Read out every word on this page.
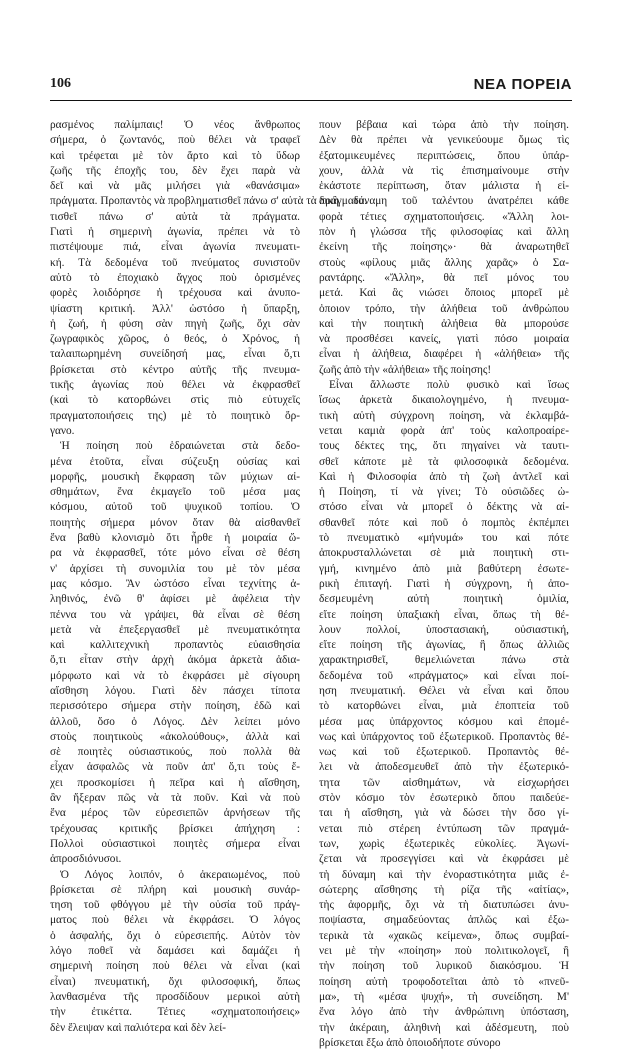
106	ΝΕΑ ΠΟΡΕΙΑ
ρασμένος παλίμπαις! Ὁ νέος ἄνθρωπος
σήμερα, ὁ ζωντανός, ποὺ θέλει νὰ τραφεῖ
καὶ τρέφεται μὲ τὸν ἄρτο καὶ τὸ ὕδωρ
ζωῆς τῆς ἐποχῆς του, δὲν ἔχει παρὰ νὰ
δεῖ καὶ νὰ μᾶς μιλήσει γιὰ «θανάσιμα»
πράγματα. Προπαντὸς νὰ προβληματισθεῖ πάνω σ' αὐτὰ τὰ πράγματα.
τισθεῖ πάνω σ' αὐτὰ τὰ πράγματα.
Γιατὶ ἡ σημερινὴ ἀγωνία, πρέπει νὰ τὸ
πιστέψουμε πιά, εἶναι ἀγωνία πνευματι-
κή. Τὰ δεδομένα τοῦ πνεύματος συνιστοῦν
αὐτὸ τὸ ἐποχιακὸ ἄγχος ποὺ ὁρισμένες
φορὲς λοιδόρησε ἡ τρέχουσα καὶ ἀνυπο-
ψίαστη κριτική. Ἀλλ' ὡστόσο ἡ ὕπαρξη,
ἡ ζωή, ἡ φύση σὰν πηγὴ ζωῆς, ὄχι σὰν
ζωγραφικὸς χῶρος, ὁ θεός, ὁ Χρόνος, ἡ
ταλαιπωρημένη συνείδησή μας, εἶναι ὅ,τι
βρίσκεται στὸ κέντρο αὐτῆς τῆς πνευμα-
τικῆς ἀγωνίας ποὺ θέλει νὰ ἐκφρασθεῖ
(καὶ τὸ κατορθώνει στὶς πιὸ εὐτυχεῖς
πραγματοποιήσεις της) μὲ τὸ ποιητικὸ ὄρ-
γανο.
Ἡ ποίηση ποὺ ἑδραιώνεται στὰ δεδο-
μένα ἐτοῦτα, εἶναι σύζευξη οὐσίας καὶ
μορφῆς, μουσικὴ ἔκφραση τῶν μύχιων αἰ-
σθημάτων, ἕνα ἐκμαγεῖο τοῦ μέσα μας
κόσμου, αὐτοῦ τοῦ ψυχικοῦ τοπίου. Ὁ
ποιητὴς σήμερα μόνον ὅταν θὰ αἰσθανθεῖ
ἕνα βαθὺ κλονισμὸ ὅτι ἦρθε ἡ μοιραία ὥ-
ρα νὰ ἐκφρασθεῖ, τότε μόνο εἶναι σὲ θέση
ν' ἀρχίσει τὴ συνομιλία του μὲ τὸν μέσα
μας κόσμο. Ἂν ὡστόσο εἶναι τεχνίτης ἀ-
ληθινός, ἐνῶ θ' ἀφίσει μὲ ἀφέλεια τὴν
πέννα του νὰ γράψει, θὰ εἶναι σὲ θέση
μετὰ νὰ ἐπεξεργασθεῖ μὲ πνευματικότητα
καὶ καλλιτεχνικὴ προπαντὸς εὐαισθησία
ὅ,τι εἶταν στὴν ἀρχὴ ἀκόμα ἀρκετὰ ἀδια-
μόρφωτο καὶ νὰ τὸ ἐκφράσει μὲ σίγουρη
αἴσθηση λόγου. Γιατὶ δὲν πάσχει τίποτα
περισσότερο σήμερα στὴν ποίηση, ἐδῶ καὶ
ἀλλοῦ, ὅσο ὁ Λόγος. Δὲν λείπει μόνο
στοὺς ποιητικοὺς «ἀκολούθους», ἀλλὰ καὶ
σὲ ποιητὲς οὐσιαστικούς, ποὺ πολλὰ θὰ
εἶχαν ἀσφαλῶς νὰ ποῦν ἀπ' ὅ,τι τοὺς ἔ-
χει προσκομίσει ἡ πεῖρα καὶ ἡ αἴσθηση,
ἂν ἤξεραν πῶς νὰ τὰ ποῦν. Καὶ νὰ ποὺ
ἕνα μέρος τῶν εὐρεσιεπῶν ἀρνήσεων τῆς
τρέχουσας κριτικῆς βρίσκει ἀπήχηση :
Πολλοὶ οὐσιαστικοὶ ποιητὲς σήμερα εἶναι
ἀπροσδιόνυσοι.
Ὁ Λόγος λοιπόν, ὁ ἀκεραιωμένος, ποὺ
βρίσκεται σὲ πλήρη καὶ μουσικὴ συνάρ-
τηση τοῦ φθόγγου μὲ τὴν οὐσία τοῦ πράγ-
ματος ποὺ θέλει νὰ ἐκφράσει. Ὁ λόγος
ὁ ἀσφαλής, ὄχι ὁ εὐρεσιεπής. Αὐτὸν τὸν
λόγο ποθεῖ νὰ δαμάσει καὶ δαμάζει ἡ
σημερινὴ ποίηση ποὺ θέλει νὰ εἶναι (καὶ
εἶναι) πνευματική, ὄχι φιλοσοφική, ὅπως
λανθασμένα τῆς προσδίδουν μερικοὶ αὐτὴ
τὴν ἐτικέττα. Τέτιες «σχηματοποιήσεις»
δὲν ἔλειψαν καὶ παλιότερα καὶ δὲν λεί-
πουν βέβαια καὶ τώρα ἀπὸ τὴν ποίηση.
Δὲν θὰ πρέπει νὰ γενικεύουμε ὅμως τὶς
ἐξατομικευμένες περιπτώσεις, ὅπου ὑπάρ-
χουν, ἀλλὰ νὰ τὶς ἐπισημαίνουμε στὴν
ἑκάστοτε περίπτωση, ὅταν μάλιστα ἡ εἰ-
δικὴ δύναμη τοῦ ταλέντου ἀνατρέπει κάθε
φορὰ τέτιες σχηματοποιήσεις. «Ἄλλη λοι-
πὸν ἡ γλώσσα τῆς φιλοσοφίας καὶ ἄλλη
ἐκείνη τῆς ποίησης»· θὰ ἀναρωτηθεῖ
στοὺς «φίλους μιᾶς ἄλλης χαρᾶς» ὁ Σα-
ραντάρης. «Ἄλλη», θὰ πεῖ μόνος του
μετά. Καὶ ἂς νιώσει ὅποιος μπορεῖ μὲ
ὁποιον τρόπο, τὴν ἀλήθεια τοῦ ἀνθρώπου
καὶ τὴν ποιητικὴ ἀλήθεια θὰ μπορούσε
νὰ προσθέσει κανείς, γιατὶ πόσο μοιραία
εἶναι ἡ ἀλήθεια, διαφέρει ἡ «ἀλήθεια» τῆς
ζωῆς ἀπὸ τὴν «ἀλήθεια» τῆς ποίησης!
Εἶναι ἄλλωστε πολὺ φυσικὸ καὶ ἴσως
ἴσως ἀρκετὰ δικαιολογημένο, ἡ πνευμα-
τικὴ αὐτὴ σύγχρονη ποίηση, νὰ ἐκλαμβά-
νεται καμιὰ φορὰ ἀπ' τοὺς καλοπροαίρε-
τους δέκτες της, ὅτι πηγαίνει νὰ ταυτι-
σθεῖ κάποτε μὲ τὰ φιλοσοφικὰ δεδομένα.
Καὶ ἡ Φιλοσοφία ἀπὸ τὴ ζωὴ ἀντλεῖ καὶ
ἡ Ποίηση, τί νὰ γίνει; Τὸ οὐσιῶδες ὡ-
στόσο εἶναι νὰ μπορεῖ ὁ δέκτης νὰ αἰ-
σθανθεῖ πότε καὶ ποῦ ὁ πομπὸς ἐκπέμπει
τὸ πνευματικὸ «μήνυμά» του καὶ πότε
ἀποκρυσταλλώνεται σὲ μιὰ ποιητικὴ στι-
γμή, κινημένο ἀπὸ μιὰ βαθύτερη ἐσωτε-
ρικὴ ἐπιταγή. Γιατὶ ἡ σύγχρονη, ἡ ἀπο-
δεσμευμένη αὐτὴ ποιητικὴ ὁμιλία,
εἴτε ποίηση ὑπαξιακὴ εἶναι, ὅπως τὴ θέ-
λουν πολλοί, ὑποστασιακή, οὐσιαστική,
εἴτε ποίηση τῆς ἀγωνίας, ἢ ὅπως ἀλλιῶς
χαρακτηρισθεῖ, θεμελιώνεται πάνω στὰ
δεδομένα τοῦ «πράγματος» καὶ εἶναι ποί-
ηση πνευματική. Θέλει νὰ εἶναι καὶ ὅπου
τὸ κατορθώνει εἶναι, μιὰ ἐποπτεία τοῦ
μέσα μας ὑπάρχοντος κόσμου καὶ ἐπομέ-
νως καὶ ὑπάρχοντος τοῦ ἐξωτερικοῦ. Προπαντὸς θέ-
νως καὶ τοῦ ἐξωτερικοῦ. Προπαντὸς θέ-
λει νὰ ἀποδεσμευθεῖ ἀπὸ τὴν ἐξωτερικό-
τητα τῶν αἰσθημάτων, νὰ εἰσχωρήσει
στὸν κόσμο τὸν ἐσωτερικὸ ὅπου παιδεύε-
ται ἡ αἴσθηση, γιὰ νὰ δώσει τὴν ὅσο γί-
νεται πιὸ στέρεη ἐντύπωση τῶν πραγμά-
των, χωρὶς ἐξωτερικὲς εὐκολίες. Ἀγωνί-
ζεται νὰ προσεγγίσει καὶ νὰ ἐκφράσει μὲ
τὴ δύναμη καὶ τὴν ἐνοραστικότητα μιᾶς ἐ-
σώτερης αἴσθησης τὴ ρίζα τῆς «αἰτίας»,
τὴς ἀφορμῆς, ὄχι νὰ τὴ διατυπώσει ἀνυ-
ποψίαστα, σημαδεύοντας ἁπλῶς καὶ ἐξω-
τερικὰ τὰ «χακῶς κείμενα», ὅπως συμβαί-
νει μὲ τὴν «ποίηση» ποὺ πολιτικολογεῖ, ἢ
τὴν ποίηση τοῦ λυρικοῦ διακόσμου. Ἡ
ποίηση αὐτὴ τροφοδοτεῖται ἀπὸ τὸ «πνεῦ-
μα», τὴ «μέσα ψυχή», τὴ συνείδηση. Μ'
ἕνα λόγο ἀπὸ τὴν ἀνθρώπινη ὑπόσταση,
τὴν ἀκέραιη, ἀληθινὴ καὶ ἀδέσμευτη, ποὺ
βρίσκεται ἔξω ἀπὸ ὁποιοδήποτε σύνορο
